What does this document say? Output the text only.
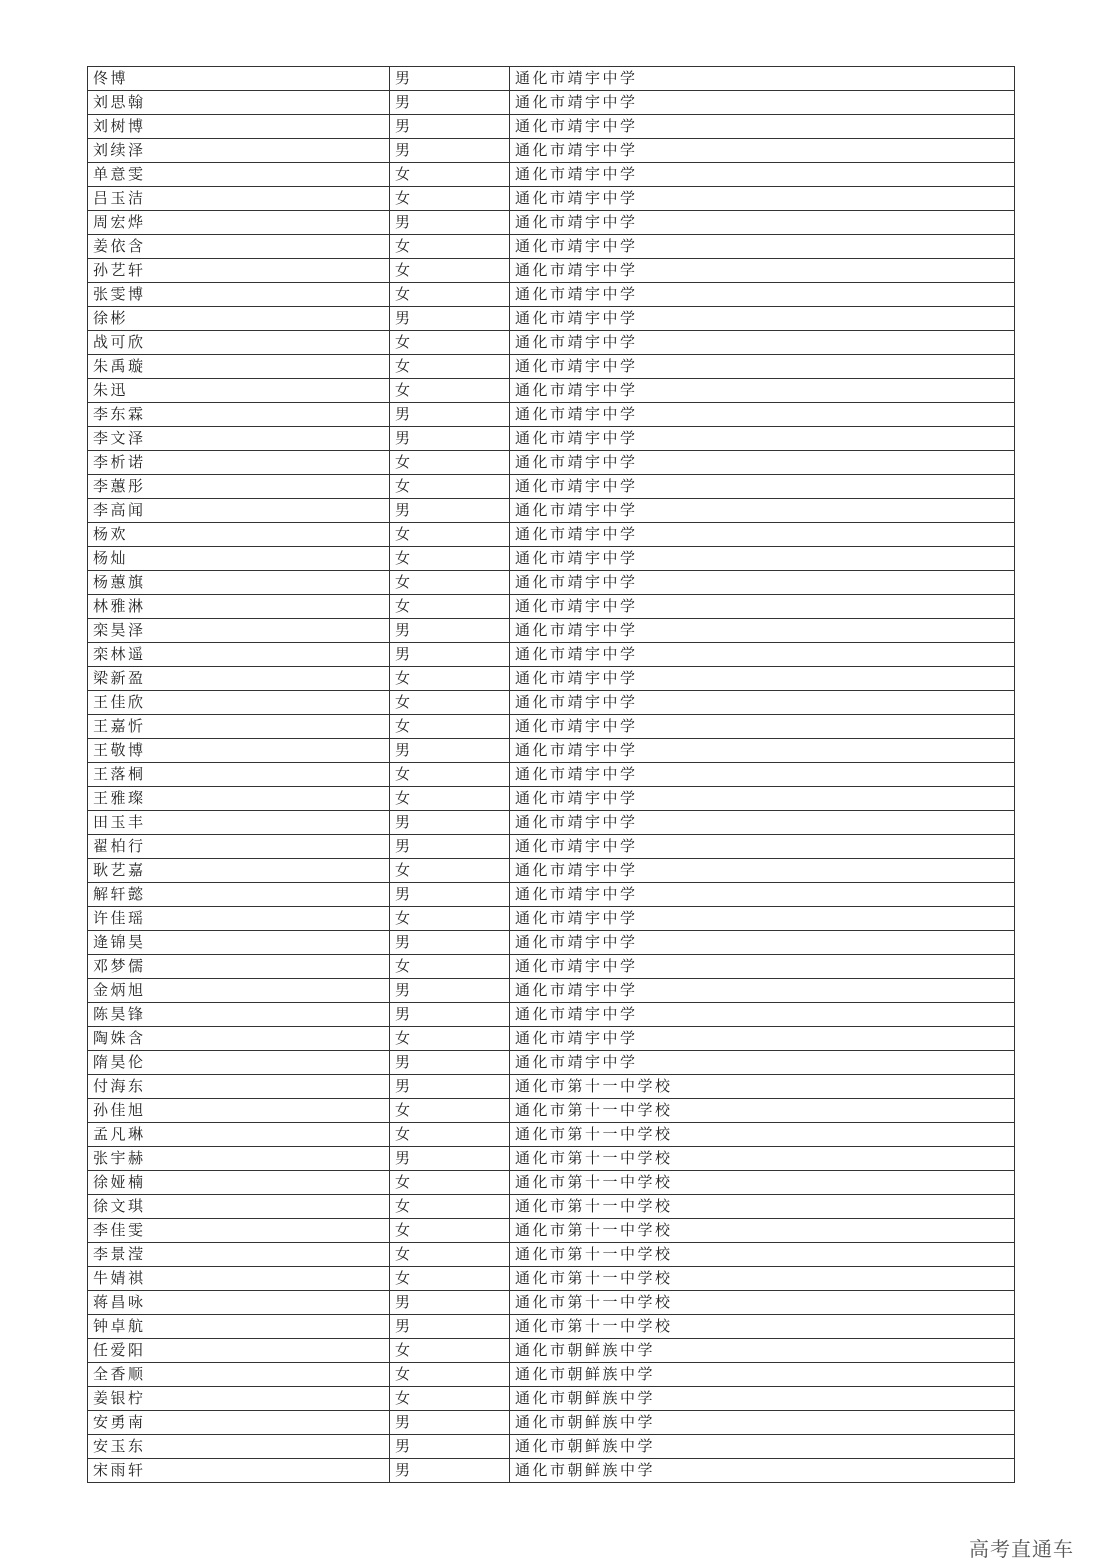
佟博	男	通化市靖宇中学
刘思翰	男	通化市靖宇中学
刘树博	男	通化市靖宇中学
刘续泽	男	通化市靖宇中学
单意雯	女	通化市靖宇中学
吕玉洁	女	通化市靖宇中学
周宏烨	男	通化市靖宇中学
姜依含	女	通化市靖宇中学
孙艺轩	女	通化市靖宇中学
张雯博	女	通化市靖宇中学
徐彬	男	通化市靖宇中学
战可欣	女	通化市靖宇中学
朱禹璇	女	通化市靖宇中学
朱迅	女	通化市靖宇中学
李东霖	男	通化市靖宇中学
李文泽	男	通化市靖宇中学
李析诺	女	通化市靖宇中学
李蕙彤	女	通化市靖宇中学
李高闻	男	通化市靖宇中学
杨欢	女	通化市靖宇中学
杨灿	女	通化市靖宇中学
杨蕙旗	女	通化市靖宇中学
林雅淋	女	通化市靖宇中学
栾昊泽	男	通化市靖宇中学
栾林遥	男	通化市靖宇中学
梁新盈	女	通化市靖宇中学
王佳欣	女	通化市靖宇中学
王嘉忻	女	通化市靖宇中学
王敬博	男	通化市靖宇中学
王落桐	女	通化市靖宇中学
王雅璨	女	通化市靖宇中学
田玉丰	男	通化市靖宇中学
翟柏行	男	通化市靖宇中学
耿艺嘉	女	通化市靖宇中学
解轩懿	男	通化市靖宇中学
许佳瑶	女	通化市靖宇中学
逄锦昊	男	通化市靖宇中学
邓梦儒	女	通化市靖宇中学
金炳旭	男	通化市靖宇中学
陈昊锋	男	通化市靖宇中学
陶姝含	女	通化市靖宇中学
隋昊伦	男	通化市靖宇中学
付海东	男	通化市第十一中学校
孙佳旭	女	通化市第十一中学校
孟凡琳	女	通化市第十一中学校
张宇赫	男	通化市第十一中学校
徐娅楠	女	通化市第十一中学校
徐文琪	女	通化市第十一中学校
李佳雯	女	通化市第十一中学校
李景滢	女	通化市第十一中学校
牛婧祺	女	通化市第十一中学校
蒋昌咏	男	通化市第十一中学校
钟卓航	男	通化市第十一中学校
任爱阳	女	通化市朝鲜族中学
全香顺	女	通化市朝鲜族中学
姜银柠	女	通化市朝鲜族中学
安勇南	男	通化市朝鲜族中学
安玉东	男	通化市朝鲜族中学
宋雨轩	男	通化市朝鲜族中学
高考直通车
